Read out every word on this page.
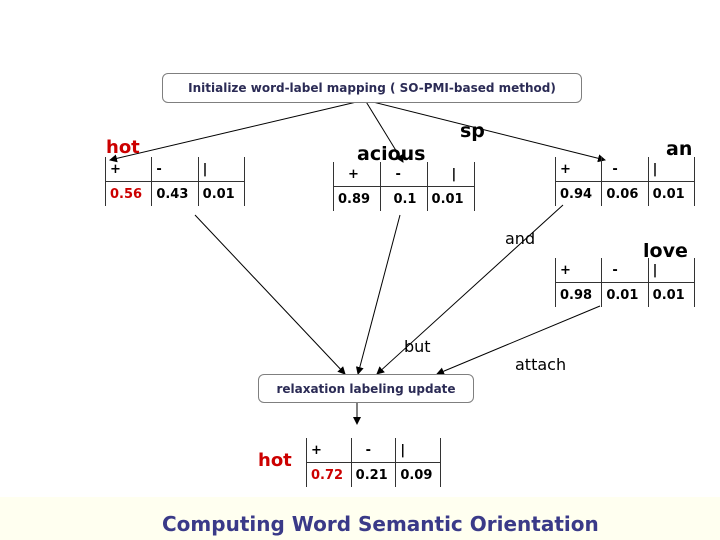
Initialize word-label mapping ( SO-PMI-based method)
hot
sp
acious	an
and
love
but
attach
+	-	|
0.56	0.43	0.01
+	-	|
0.89	0.1	0.01
+	-	|
0.94	0.06	0.01
+	-	|
0.98	0.01	0.01
relaxation labeling update
hot +	-	|
0.72	0.21	0.09
Computing Word Semantic Orientation
